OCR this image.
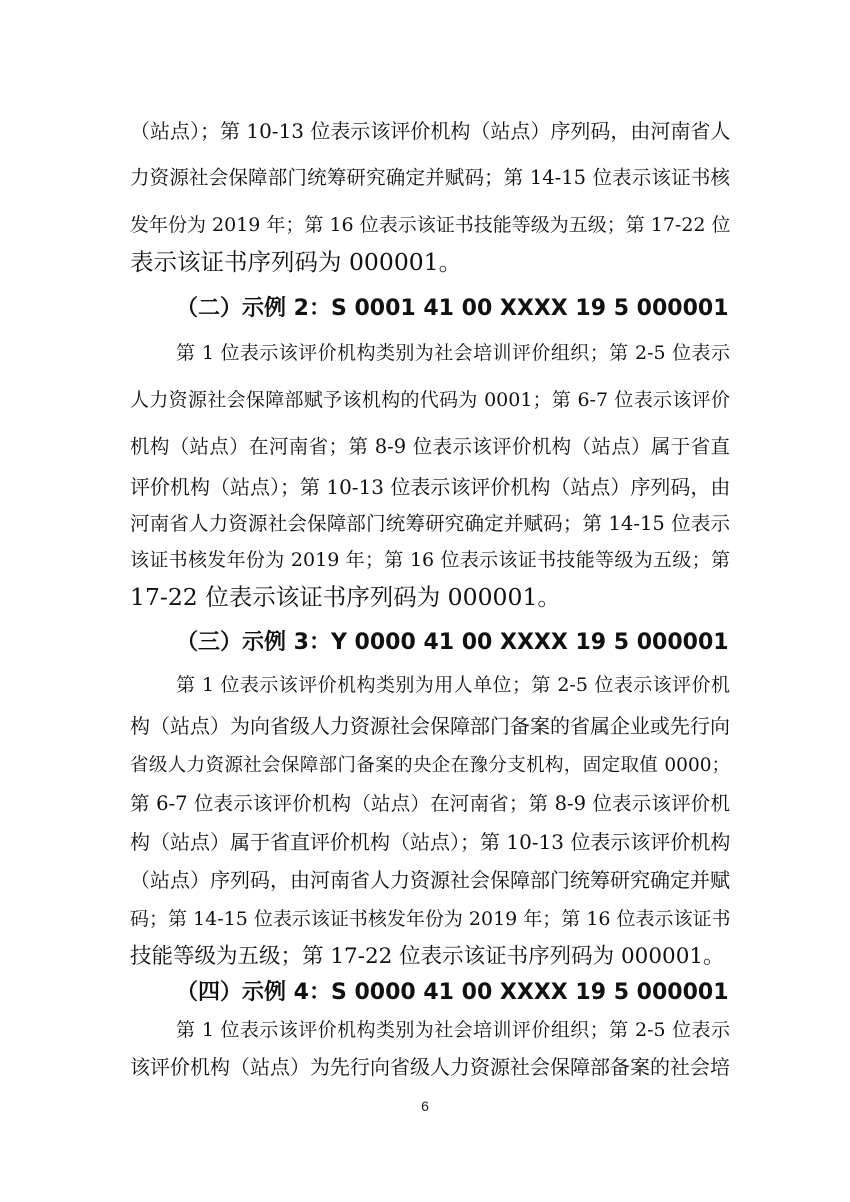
（站点）；第 10-13 位表示该评价机构（站点）序列码，由河南省人
力资源社会保障部门统筹研究确定并赋码；第 14-15 位表示该证书核
发年份为 2019 年；第 16 位表示该证书技能等级为五级；第 17-22 位
表示该证书序列码为 000001。
（二）示例 2：S 0001 41 00 XXXX 19 5 000001
第 1 位表示该评价机构类别为社会培训评价组织；第 2-5 位表示
人力资源社会保障部赋予该机构的代码为 0001；第 6-7 位表示该评价
机构（站点）在河南省；第 8-9 位表示该评价机构（站点）属于省直
评价机构（站点）；第 10-13 位表示该评价机构（站点）序列码，由
河南省人力资源社会保障部门统筹研究确定并赋码；第 14-15 位表示
该证书核发年份为 2019 年；第 16 位表示该证书技能等级为五级；第
17-22 位表示该证书序列码为 000001。
（三）示例 3：Y 0000 41 00 XXXX 19 5 000001
第 1 位表示该评价机构类别为用人单位；第 2-5 位表示该评价机
构（站点）为向省级人力资源社会保障部门备案的省属企业或先行向
省级人力资源社会保障部门备案的央企在豫分支机构，固定取值 0000；
第 6-7 位表示该评价机构（站点）在河南省；第 8-9 位表示该评价机
构（站点）属于省直评价机构（站点）；第 10-13 位表示该评价机构
（站点）序列码，由河南省人力资源社会保障部门统筹研究确定并赋
码；第 14-15 位表示该证书核发年份为 2019 年；第 16 位表示该证书
技能等级为五级；第 17-22 位表示该证书序列码为 000001。
（四）示例 4：S 0000 41 00 XXXX 19 5 000001
第 1 位表示该评价机构类别为社会培训评价组织；第 2-5 位表示
该评价机构（站点）为先行向省级人力资源社会保障部备案的社会培
6
